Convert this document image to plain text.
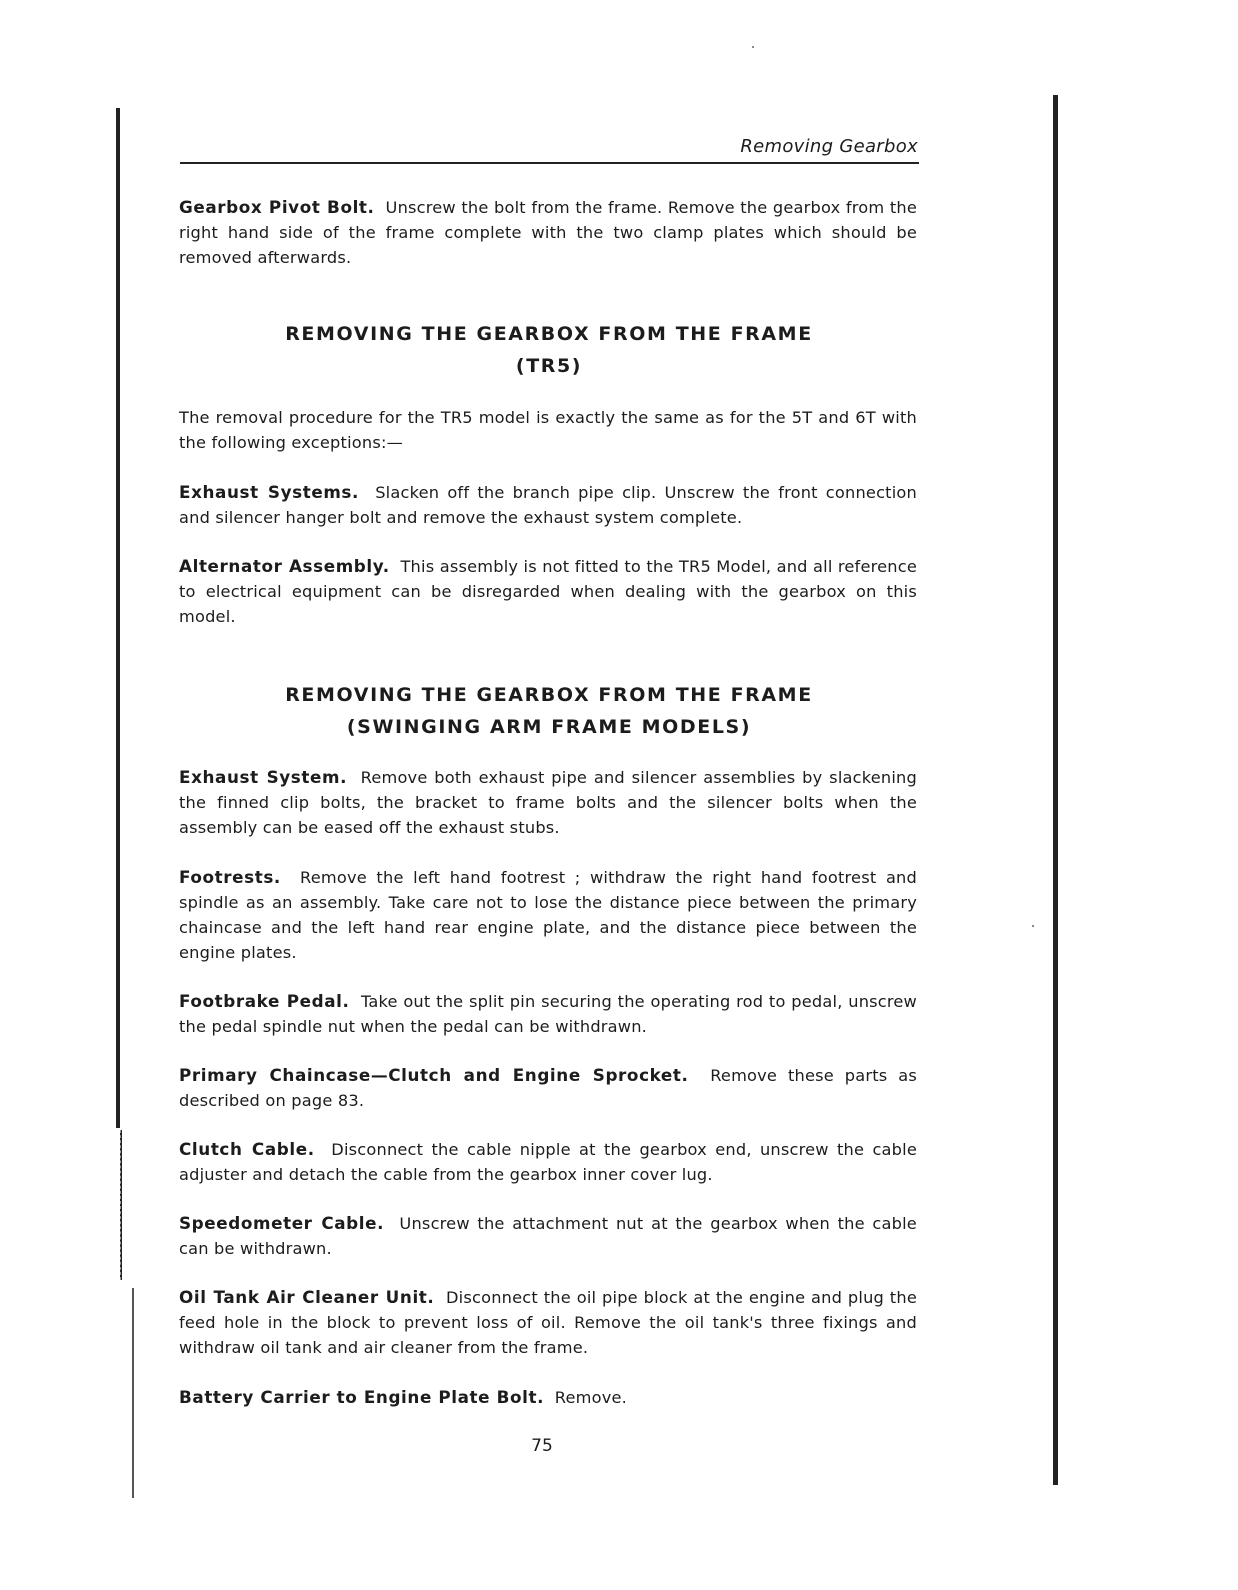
Removing Gearbox

Gearbox Pivot Bolt. Unscrew the bolt from the frame. Remove the gearbox from the right hand side of the frame complete with the two clamp plates which should be removed afterwards.

REMOVING THE GEARBOX FROM THE FRAME
(TR5)

The removal procedure for the TR5 model is exactly the same as for the 5T and 6T with the following exceptions:—

Exhaust Systems. Slacken off the branch pipe clip. Unscrew the front connection and silencer hanger bolt and remove the exhaust system complete.

Alternator Assembly. This assembly is not fitted to the TR5 Model, and all reference to electrical equipment can be disregarded when dealing with the gearbox on this model.

REMOVING THE GEARBOX FROM THE FRAME
(SWINGING ARM FRAME MODELS)

Exhaust System. Remove both exhaust pipe and silencer assemblies by slackening the finned clip bolts, the bracket to frame bolts and the silencer bolts when the assembly can be eased off the exhaust stubs.

Footrests. Remove the left hand footrest ; withdraw the right hand footrest and spindle as an assembly. Take care not to lose the distance piece between the primary chaincase and the left hand rear engine plate, and the distance piece between the engine plates.

Footbrake Pedal. Take out the split pin securing the operating rod to pedal, unscrew the pedal spindle nut when the pedal can be withdrawn.

Primary Chaincase—Clutch and Engine Sprocket. Remove these parts as described on page 83.

Clutch Cable. Disconnect the cable nipple at the gearbox end, unscrew the cable adjuster and detach the cable from the gearbox inner cover lug.

Speedometer Cable. Unscrew the attachment nut at the gearbox when the cable can be withdrawn.

Oil Tank Air Cleaner Unit. Disconnect the oil pipe block at the engine and plug the feed hole in the block to prevent loss of oil. Remove the oil tank's three fixings and withdraw oil tank and air cleaner from the frame.

Battery Carrier to Engine Plate Bolt. Remove.

75
